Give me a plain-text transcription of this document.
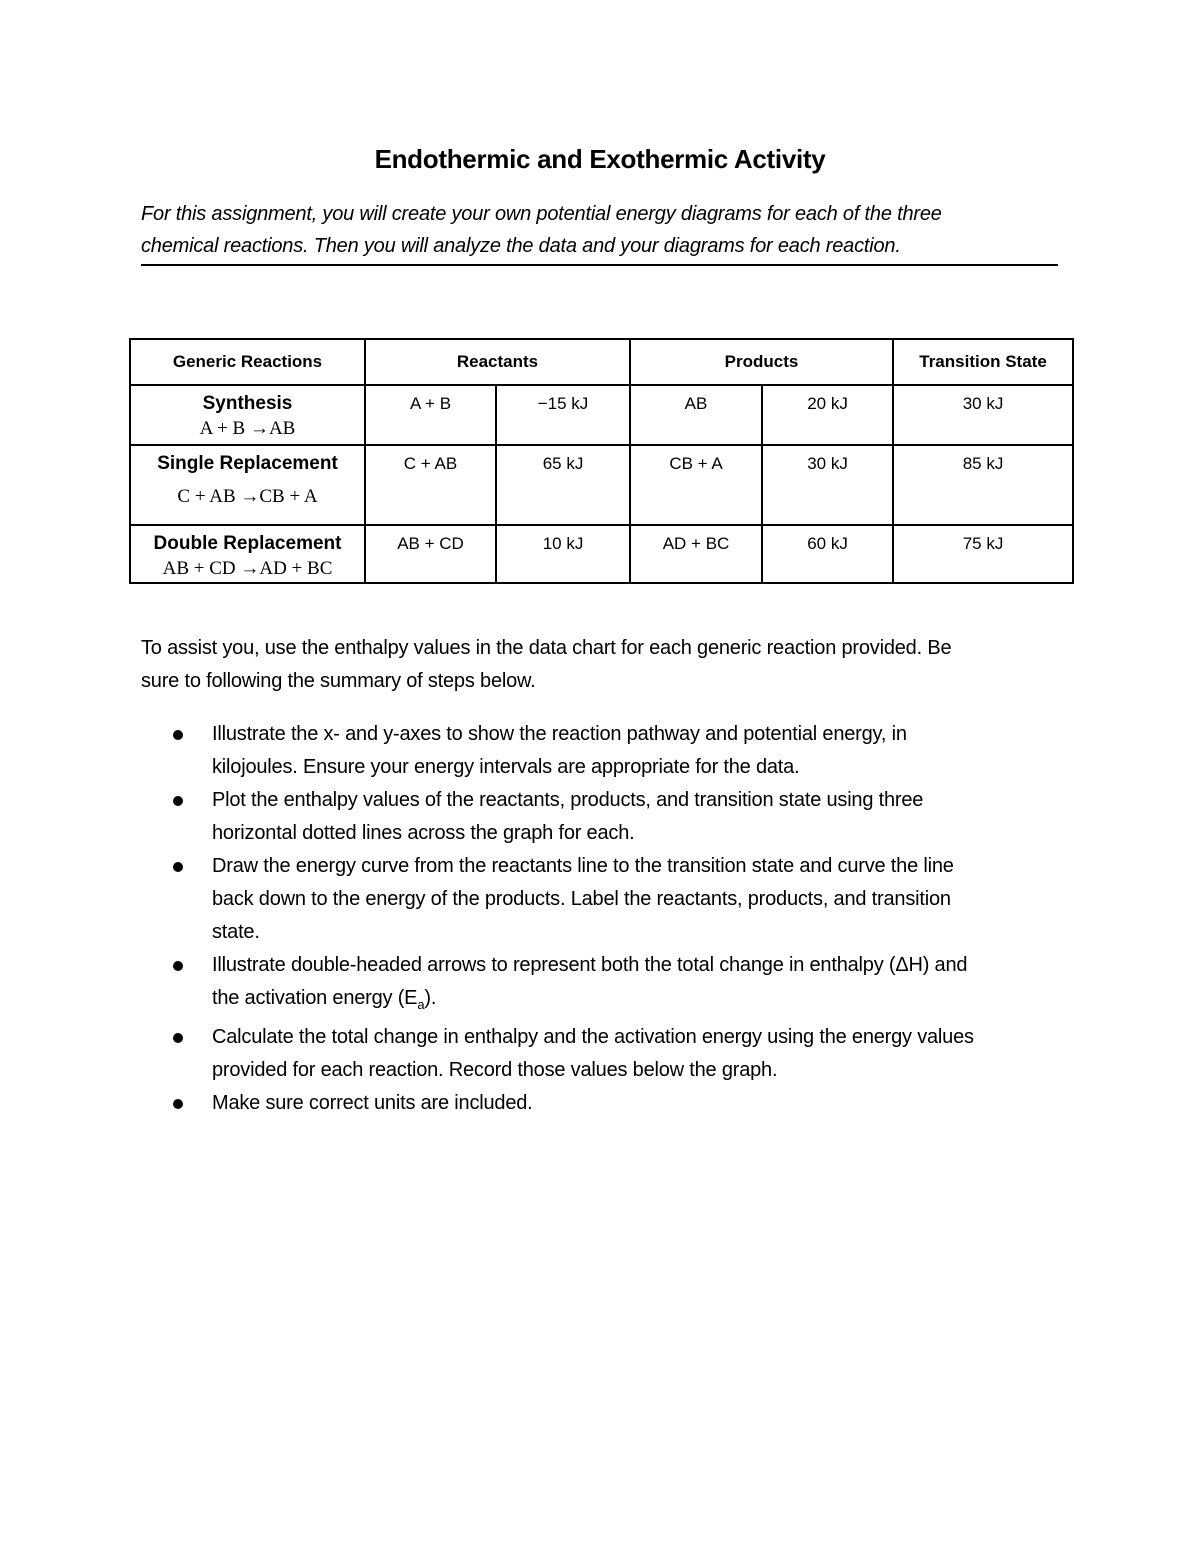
Endothermic and Exothermic Activity
For this assignment, you will create your own potential energy diagrams for each of the three
chemical reactions. Then you will analyze the data and your diagrams for each reaction.
Generic Reactions	Reactants		Products		Transition State

Synthesis
A + B →AB	A + B	−15 kJ	AB	20 kJ	30 kJ

Single Replacement
C + AB →CB + A	C + AB	65 kJ	CB + A	30 kJ	85 kJ

Double Replacement
AB + CD →AD + BC	AB + CD	10 kJ	AD + BC	60 kJ	75 kJ
To assist you, use the enthalpy values in the data chart for each generic reaction provided. Be
sure to following the summary of steps below.
Illustrate the x- and y-axes to show the reaction pathway and potential energy, in
kilojoules. Ensure your energy intervals are appropriate for the data.
Plot the enthalpy values of the reactants, products, and transition state using three
horizontal dotted lines across the graph for each.
Draw the energy curve from the reactants line to the transition state and curve the line
back down to the energy of the products. Label the reactants, products, and transition
state.
Illustrate double-headed arrows to represent both the total change in enthalpy (ΔH) and
the activation energy $(E_a)$.
Calculate the total change in enthalpy and the activation energy using the energy values
provided for each reaction. Record those values below the graph.
Make sure correct units are included.
